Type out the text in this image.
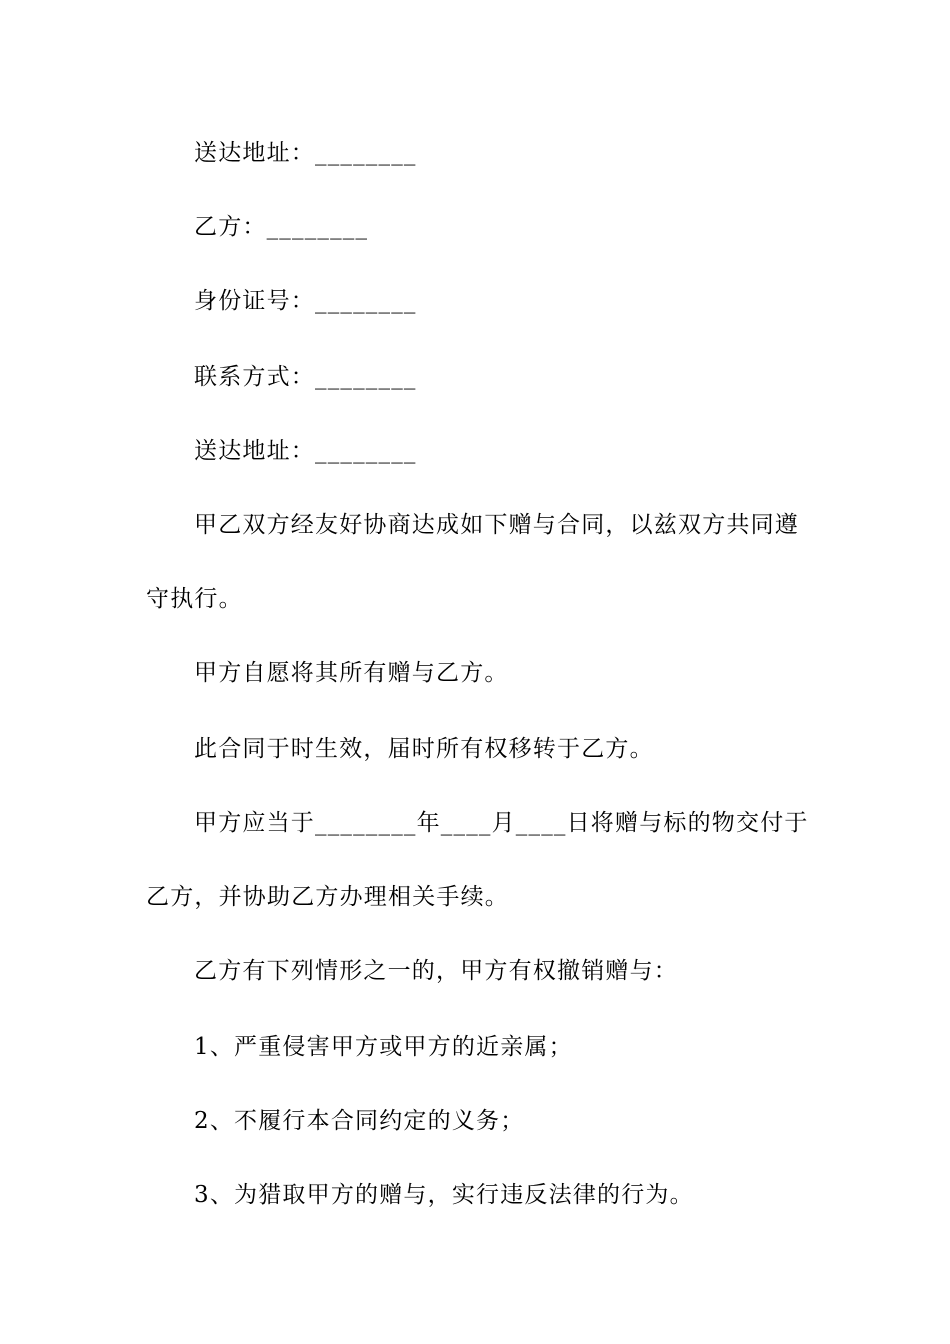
送达地址：________
乙方：________
身份证号：________
联系方式：________
送达地址：________
甲乙双方经友好协商达成如下赠与合同，以兹双方共同遵
守执行。
甲方自愿将其所有赠与乙方。
此合同于时生效，届时所有权移转于乙方。
甲方应当于________年____月____日将赠与标的物交付于
乙方，并协助乙方办理相关手续。
乙方有下列情形之一的，甲方有权撤销赠与：
1、严重侵害甲方或甲方的近亲属；
2、不履行本合同约定的义务；
3、为猎取甲方的赠与，实行违反法律的行为。
